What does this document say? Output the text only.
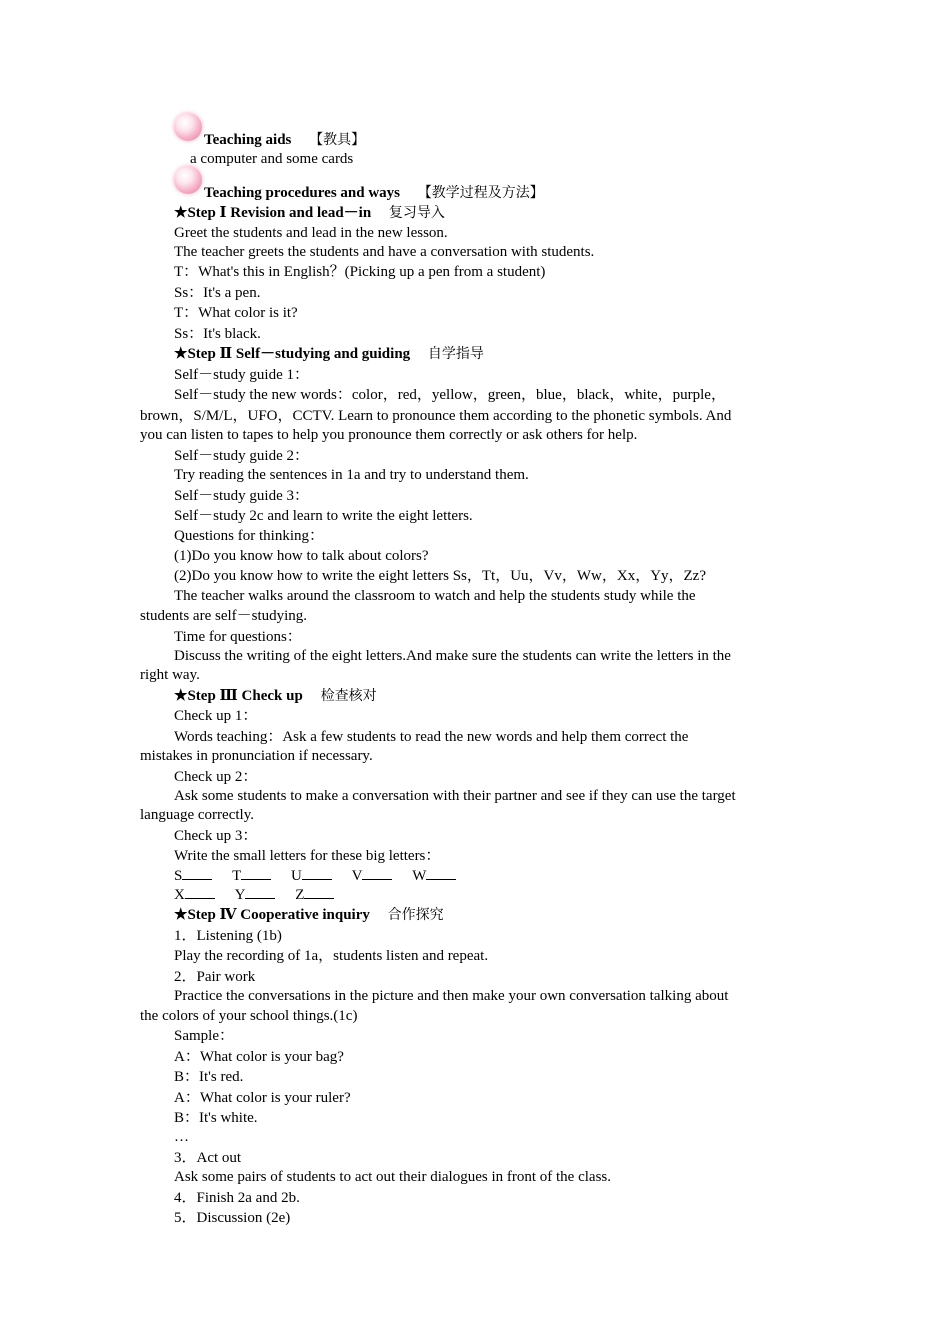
Teaching aids 【教具】
a computer and some cards
Teaching procedures and ways 【教学过程及方法】
★Step Ⅰ Revision and lead－in 复习导入
Greet the students and lead in the new lesson.
The teacher greets the students and have a conversation with students.
T：What's this in English？(Picking up a pen from a student)
Ss：It's a pen.
T：What color is it?
Ss：It's black.
★Step Ⅱ Self－studying and guiding 自学指导
Self－study guide 1：
Self－study the new words：color，red，yellow，green，blue，black，white，purple，
brown，S/M/L，UFO，CCTV. Learn to pronounce them according to the phonetic symbols. And
you can listen to tapes to help you pronounce them correctly or ask others for help.
Self－study guide 2：
Try reading the sentences in 1a and try to understand them.
Self－study guide 3：
Self－study 2c and learn to write the eight letters.
Questions for thinking：
(1)Do you know how to talk about colors?
(2)Do you know how to write the eight letters Ss，Tt，Uu，Vv，Ww，Xx，Yy，Zz?
The teacher walks around the classroom to watch and help the students study while the
students are self－studying.
Time for questions：
Discuss the writing of the eight letters.And make sure the students can write the letters in the
right way.
★Step Ⅲ Check up 检查核对
Check up 1：
Words teaching：Ask a few students to read the new words and help them correct the
mistakes in pronunciation if necessary.
Check up 2：
Ask some students to make a conversation with their partner and see if they can use the target
language correctly.
Check up 3：
Write the small letters for these big letters：
S	T	U	V	W
X	Y	Z
★Step Ⅳ Cooperative inquiry 合作探究
1．Listening (1b)
Play the recording of 1a，students listen and repeat.
2．Pair work
Practice the conversations in the picture and then make your own conversation talking about
the colors of your school things.(1c)
Sample：
A：What color is your bag?
B：It's red.
A：What color is your ruler?
B：It's white.
…
3．Act out
Ask some pairs of students to act out their dialogues in front of the class.
4．Finish 2a and 2b.
5．Discussion (2e)
